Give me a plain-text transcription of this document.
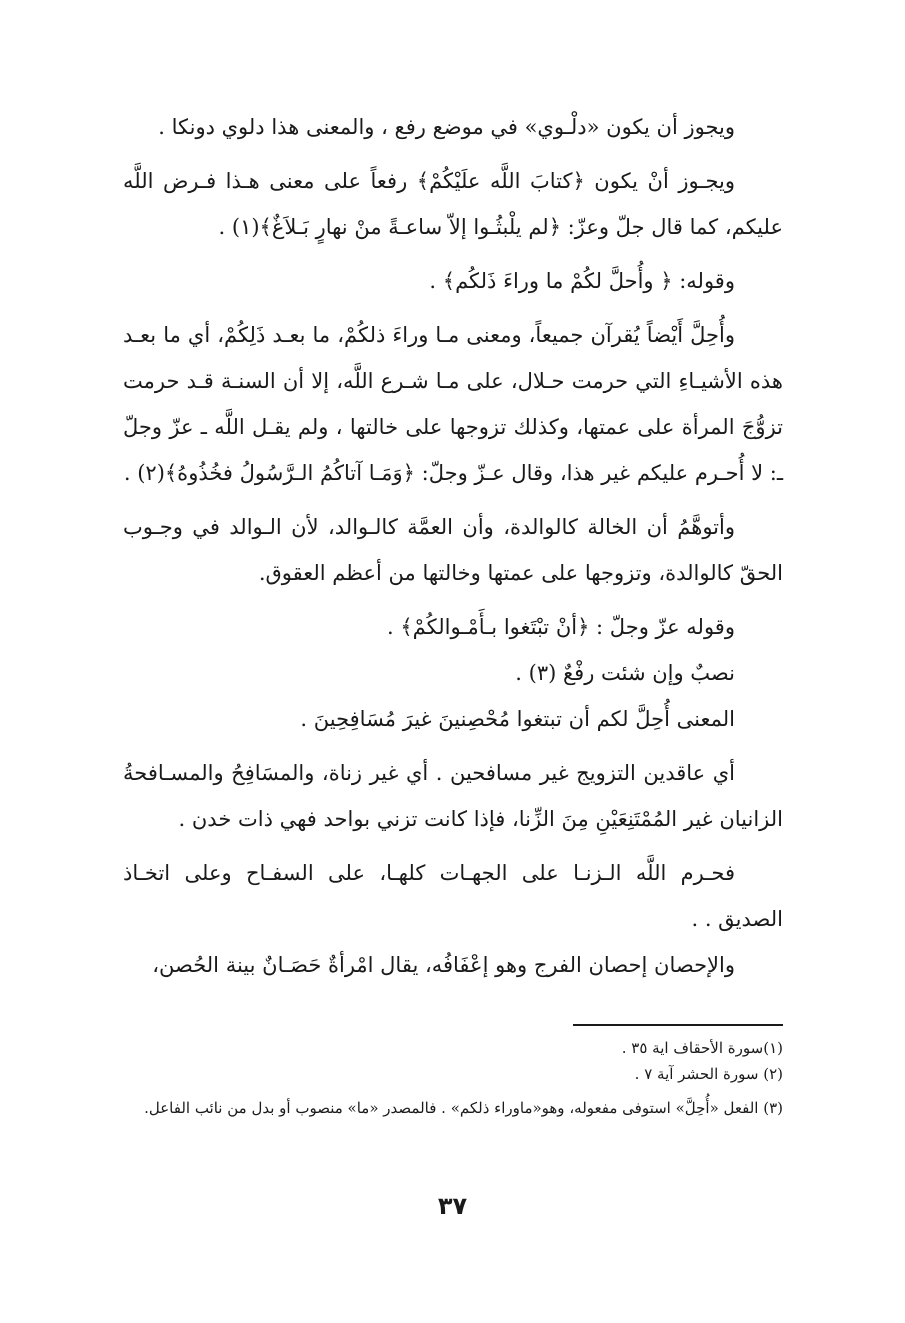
ويجوز أن يكون «دلْـوي» في موضع رفع ، والمعنى هذا دلوي دونكا .

ويجـوز أنْ يكون ﴿كتابَ اللَّه علَيْكُمْ﴾ رفعاً على معنى هـذا فـرض اللَّه عليكم، كما قال جلّ وعزّ: ﴿لم يلْبثُـوا إلاّ ساعـةً منْ نهارٍ بَـلاَغٌ﴾(١) .

وقوله: ﴿ وأُحلَّ لكُمْ ما وراءَ ذَلكُم﴾ .

وأُحِلَّ أَيْضاً يُقرآن جميعاً، ومعنى مـا وراءَ ذلكُمْ، ما بعـد ذَلِكُمْ، أي ما بعـد هذه الأشيـاءِ التي حرمت حـلال، على مـا شـرع اللَّه، إلا أن السنـة قـد حرمت تزوُّجَ المرأة على عمتها، وكذلك تزوجها على خالتها ، ولم يقـل اللَّه ـ عزّ وجلّ ـ: لا أُحـرم عليكم غير هذا، وقال عـزّ وجلّ: ﴿وَمَـا آتاكُمُ الـرَّسُولُ فخُذُوهُ﴾(٢) .

وأتوهَّمُ أن الخالة كالوالدة، وأن العمَّة كالـوالد، لأن الـوالد في وجـوب الحقّ كالوالدة، وتزوجها على عمتها وخالتها من أعظم العقوق.

وقوله عزّ وجلّ : ﴿أنْ تبْتَغوا بـأَمْـوالكُمْ﴾ .

نصبٌ وإن شئت رفْعٌ (٣) .

المعنى أُحِلَّ لكم أن تبتغوا مُحْصِنينَ غيرَ مُسَافِحِينَ .

أي عاقدين التزويج غير مسافحين . أي غير زناة، والمسَافِحُ والمسـافحةُ الزانيان غير المُمْتَنِعَيْنِ مِنَ الزِّنا، فإذا كانت تزني بواحد فهي ذات خدن .

فحـرم اللَّه الـزنـا على الجهـات كلهـا، على السفـاح وعلى اتخـاذ الصديق . .

والإحصان إحصان الفرج وهو إعْفَافُه، يقال امْرأةٌ حَصَـانٌ بينة الحُصن،

(١)سورة الأحقاف اية ٣٥ .

(٢) سورة الحشر آية ٧ .

(٣) الفعل «أُحِلَّ» استوفى مفعوله، وهو«ماوراء ذلكم» . فالمصدر «ما» منصوب أو بدل من نائب الفاعل.

٣٧
